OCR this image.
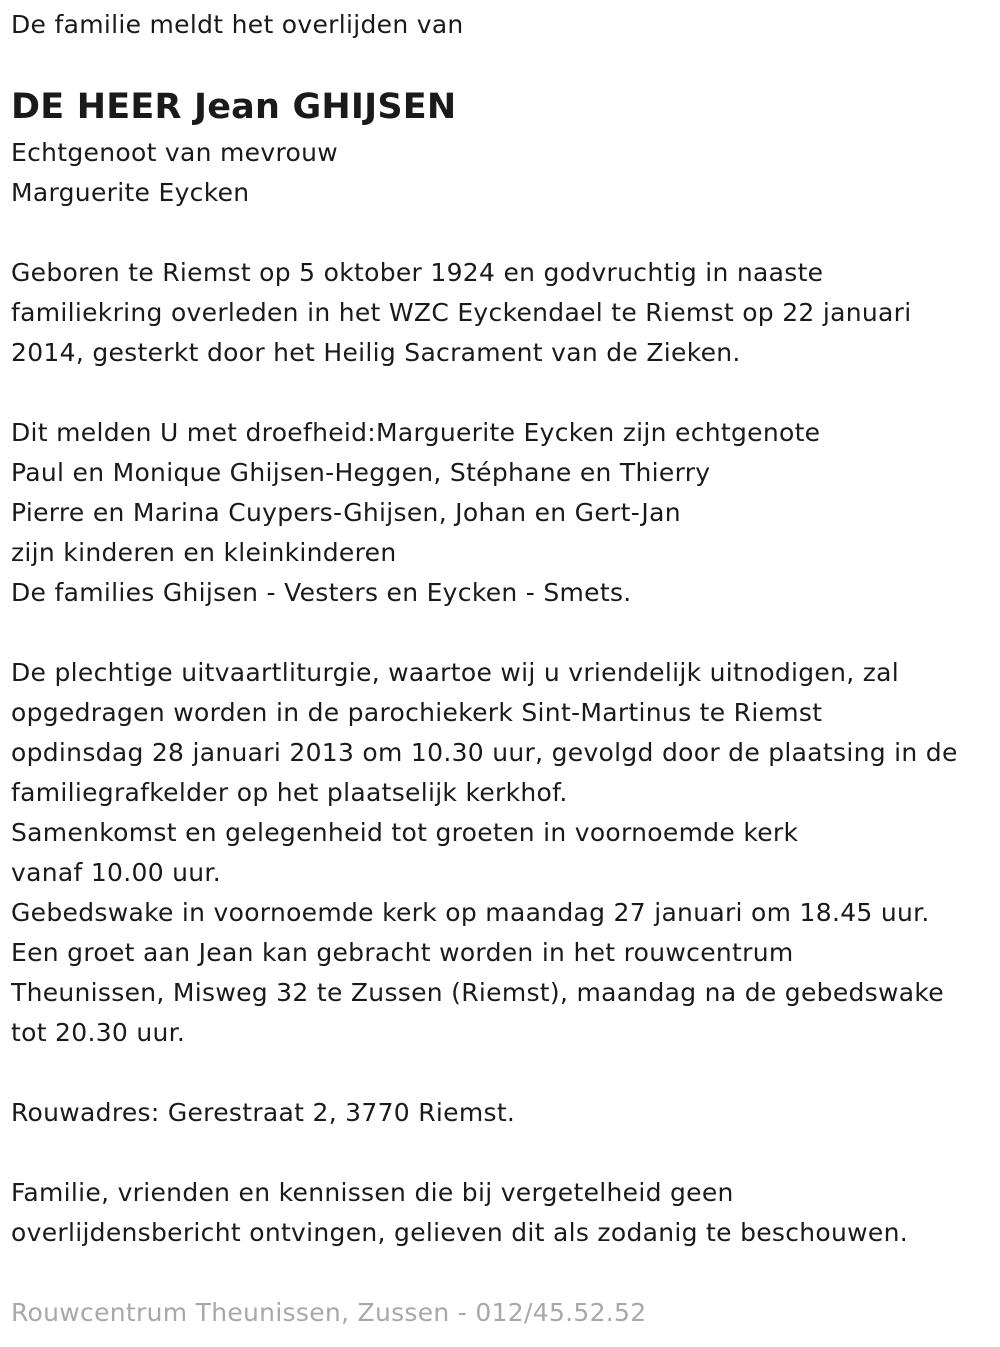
De familie meldt het overlijden van
DE HEER Jean GHIJSEN
Echtgenoot van mevrouw
Marguerite Eycken
Geboren te Riemst op 5 oktober 1924 en godvruchtig in naaste
familiekring overleden in het WZC Eyckendael te Riemst op 22 januari
2014, gesterkt door het Heilig Sacrament van de Zieken.
Dit melden U met droefheid:Marguerite Eycken zijn echtgenote
Paul en Monique Ghijsen-Heggen, Stéphane en Thierry
Pierre en Marina Cuypers-Ghijsen, Johan en Gert-Jan
zijn kinderen en kleinkinderen
De families Ghijsen - Vesters en Eycken - Smets.
De plechtige uitvaartliturgie, waartoe wij u vriendelijk uitnodigen, zal
opgedragen worden in de parochiekerk Sint-Martinus te Riemst
opdinsdag 28 januari 2013 om 10.30 uur, gevolgd door de plaatsing in de
familiegrafkelder op het plaatselijk kerkhof.
Samenkomst en gelegenheid tot groeten in voornoemde kerk
vanaf 10.00 uur.
Gebedswake in voornoemde kerk op maandag 27 januari om 18.45 uur.
Een groet aan Jean kan gebracht worden in het rouwcentrum
Theunissen, Misweg 32 te Zussen (Riemst), maandag na de gebedswake
tot 20.30 uur.
Rouwadres: Gerestraat 2, 3770 Riemst.
Familie, vrienden en kennissen die bij vergetelheid geen
overlijdensbericht ontvingen, gelieven dit als zodanig te beschouwen.
Rouwcentrum Theunissen, Zussen - 012/45.52.52
